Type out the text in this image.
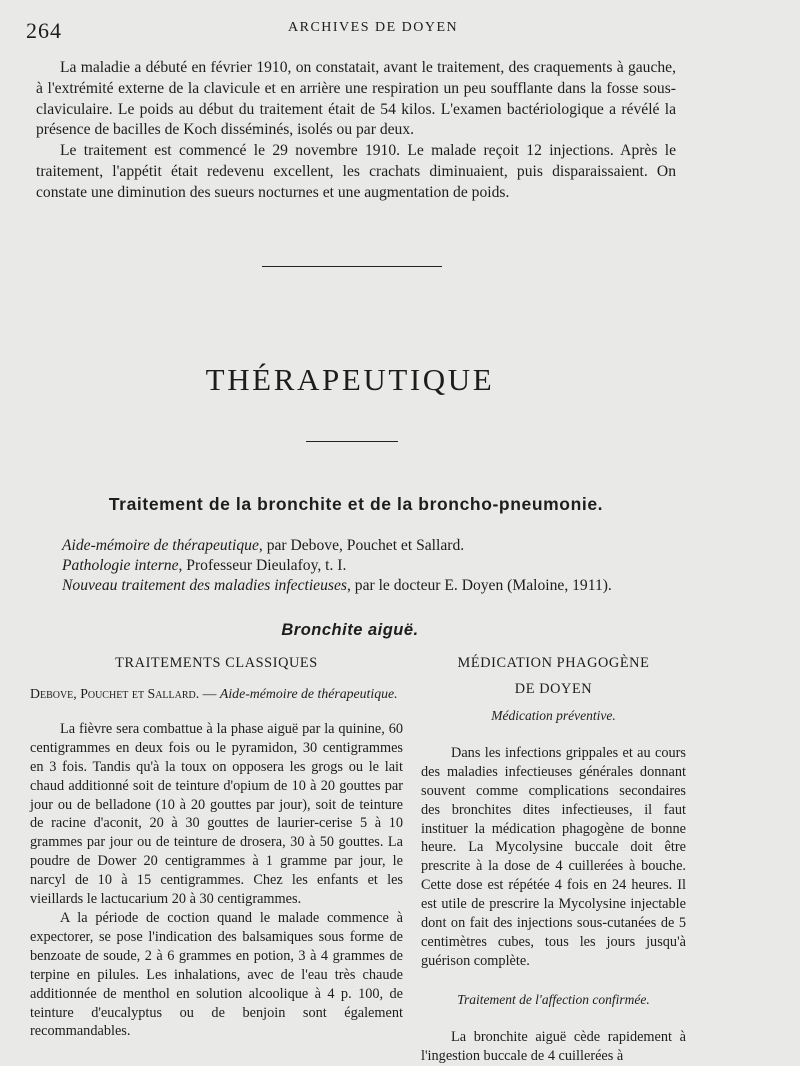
264	ARCHIVES DE DOYEN

La maladie a débuté en février 1910, on constatait, avant le traitement, des craquements à gauche, à l'extrémité externe de la clavicule et en arrière une respiration un peu soufflante dans la fosse sous-claviculaire. Le poids au début du traitement était de 54 kilos. L'examen bactériologique a révélé la présence de bacilles de Koch disséminés, isolés ou par deux.

Le traitement est commencé le 29 novembre 1910. Le malade reçoit 12 injections. Après le traitement, l'appétit était redevenu excellent, les crachats diminuaient, puis disparaissaient. On constate une diminution des sueurs nocturnes et une augmentation de poids.

THÉRAPEUTIQUE
Traitement de la bronchite et de la broncho-pneumonie.
Aide-mémoire de thérapeutique, par Debove, Pouchet et Sallard.
Pathologie interne, Professeur Dieulafoy, t. I.
Nouveau traitement des maladies infectieuses, par le docteur E. Doyen (Maloine, 1911).
Bronchite aiguë.
TRAITEMENTS CLASSIQUES

Debove, Pouchet et Sallard. — Aide-mémoire de thérapeutique.

La fièvre sera combattue à la phase aiguë par la quinine, 60 centigrammes en deux fois ou le pyramidon, 30 centigrammes en 3 fois. Tandis qu'à la toux on opposera les grogs ou le lait chaud additionné soit de teinture d'opium de 10 à 20 gouttes par jour ou de belladone (10 à 20 gouttes par jour), soit de teinture de racine d'aconit, 20 à 30 gouttes de laurier-cerise 5 à 10 grammes par jour ou de teinture de drosera, 30 à 50 gouttes. La poudre de Dower 20 centigrammes à 1 gramme par jour, le narcyl de 10 à 15 centigrammes. Chez les enfants et les vieillards le lactucarium 20 à 30 centigrammes.

A la période de coction quand le malade commence à expectorer, se pose l'indication des balsamiques sous forme de benzoate de soude, 2 à 6 grammes en potion, 3 à 4 grammes de terpine en pilules. Les inhalations, avec de l'eau très chaude additionnée de menthol en solution alcoolique à 4 p. 100, de teinture d'eucalyptus ou de benjoin sont également recommandables.

MÉDICATION PHAGOGÈNE
DE DOYEN

Médication préventive.

Dans les infections grippales et au cours des maladies infectieuses générales donnant souvent comme complications secondaires des bronchites dites infectieuses, il faut instituer la médication phagogène de bonne heure. La Mycolysine buccale doit être prescrite à la dose de 4 cuillerées à bouche. Cette dose est répétée 4 fois en 24 heures. Il est utile de prescrire la Mycolysine injectable dont on fait des injections sous-cutanées de 5 centimètres cubes, tous les jours jusqu'à guérison complète.

Traitement de l'affection confirmée.

La bronchite aiguë cède rapidement à l'ingestion buccale de 4 cuillerées à
